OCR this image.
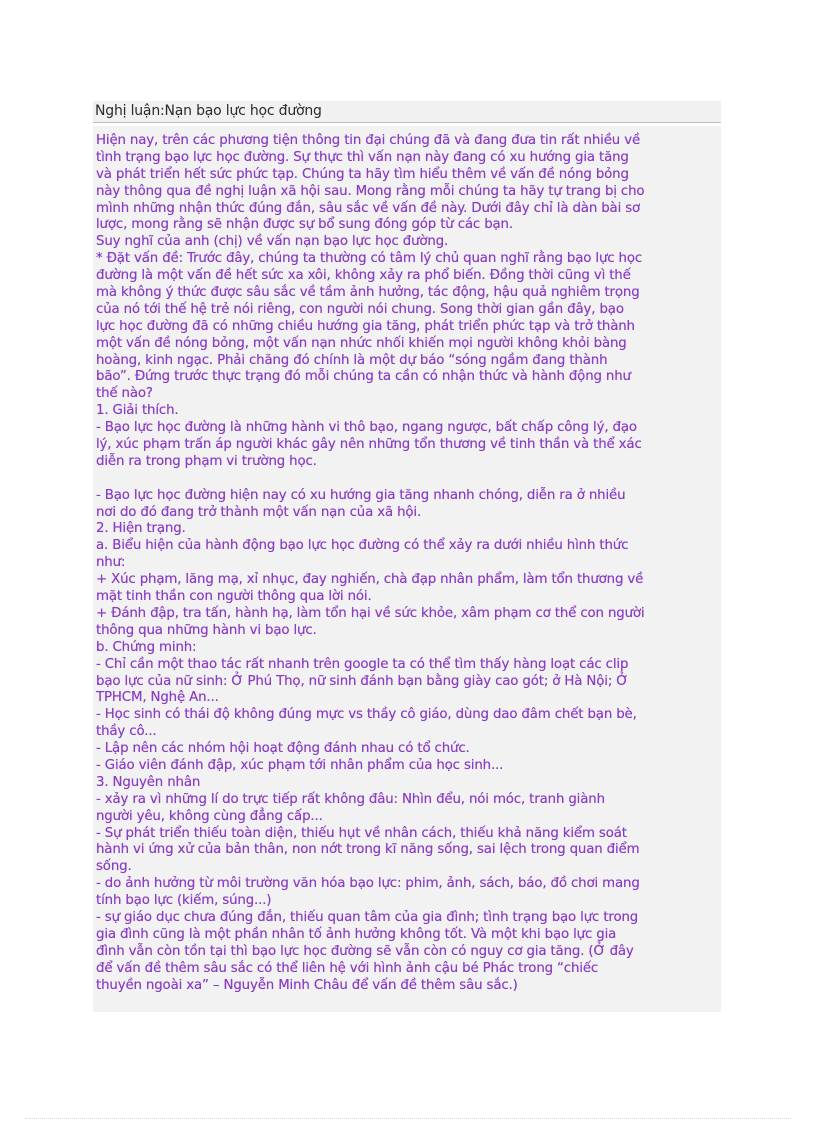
Nghị luận:Nạn bạo lực học đường
Hiện nay, trên các phương tiện thông tin đại chúng đã và đang đưa tin rất nhiều về
tình trạng bạo lực học đường. Sự thực thì vấn nạn này đang có xu hướng gia tăng
và phát triển hết sức phức tạp. Chúng ta hãy tìm hiểu thêm về vấn đề nóng bỏng
này thông qua đề nghị luận xã hội sau. Mong rằng mỗi chúng ta hãy tự trang bị cho
mình những nhận thức đúng đắn, sâu sắc về vấn đề này. Dưới đây chỉ là dàn bài sơ
lược, mong rằng sẽ nhận được sự bổ sung đóng góp từ các bạn.
Suy nghĩ của anh (chị) về vấn nạn bạo lực học đường.
* Đặt vấn đề: Trước đây, chúng ta thường có tâm lý chủ quan nghĩ rằng bạo lực học
đường là một vấn đề hết sức xa xôi, không xảy ra phổ biến. Đồng thời cũng vì thế
mà không ý thức được sâu sắc về tầm ảnh hưởng, tác động, hậu quả nghiêm trọng
của nó tới thế hệ trẻ nói riêng, con người nói chung. Song thời gian gần đây, bạo
lực học đường đã có những chiều hướng gia tăng, phát triển phức tạp và trở thành
một vấn đề nóng bỏng, một vấn nạn nhức nhối khiến mọi người không khỏi bàng
hoàng, kinh ngạc. Phải chăng đó chính là một dự báo “sóng ngầm đang thành
bão”. Đứng trước thực trạng đó mỗi chúng ta cần có nhận thức và hành động như
thế nào?
1. Giải thích.
- Bạo lực học đường là những hành vi thô bạo, ngang ngược, bất chấp công lý, đạo
lý, xúc phạm trấn áp người khác gây nên những tổn thương về tinh thần và thể xác
diễn ra trong phạm vi trường học.
- Bạo lực học đường hiện nay có xu hướng gia tăng nhanh chóng, diễn ra ở nhiều
nơi do đó đang trở thành một vấn nạn của xã hội.
2. Hiện trạng.
a. Biểu hiện của hành động bạo lực học đường có thể xảy ra dưới nhiều hình thức
như:
+ Xúc phạm, lăng mạ, xỉ nhục, đay nghiến, chà đạp nhân phẩm, làm tổn thương về
mặt tinh thần con người thông qua lời nói.
+ Đánh đập, tra tấn, hành hạ, làm tổn hại về sức khỏe, xâm phạm cơ thể con người
thông qua những hành vi bạo lực.
b. Chứng minh:
- Chỉ cần một thao tác rất nhanh trên google ta có thể tìm thấy hàng loạt các clip
bạo lực của nữ sinh: Ở Phú Thọ, nữ sinh đánh bạn bằng giày cao gót; ở Hà Nội; Ở
TPHCM, Nghệ An...
- Học sinh có thái độ không đúng mực vs thầy cô giáo, dùng dao đâm chết bạn bè,
thầy cô...
- Lập nên các nhóm hội hoạt động đánh nhau có tổ chức.
- Giáo viên đánh đập, xúc phạm tới nhân phẩm của học sinh...
3. Nguyên nhân
- xảy ra vì những lí do trực tiếp rất không đâu: Nhìn đểu, nói móc, tranh giành
người yêu, không cùng đẳng cấp...
- Sự phát triển thiếu toàn diện, thiếu hụt về nhân cách, thiếu khả năng kiểm soát
hành vi ứng xử của bản thân, non nớt trong kĩ năng sống, sai lệch trong quan điểm
sống.
- do ảnh hưởng từ môi trường văn hóa bạo lực: phim, ảnh, sách, báo, đồ chơi mang
tính bạo lực (kiếm, súng...)
- sự giáo dục chưa đúng đắn, thiếu quan tâm của gia đình; tình trạng bạo lực trong
gia đình cũng là một phần nhân tố ảnh hưởng không tốt. Và một khi bạo lực gia
đình vẫn còn tồn tại thì bạo lực học đường sẽ vẫn còn có nguy cơ gia tăng. (Ở đây
để vấn đề thêm sâu sắc có thể liên hệ với hình ảnh cậu bé Phác trong “chiếc
thuyền ngoài xa” – Nguyễn Minh Châu để vấn đề thêm sâu sắc.)
